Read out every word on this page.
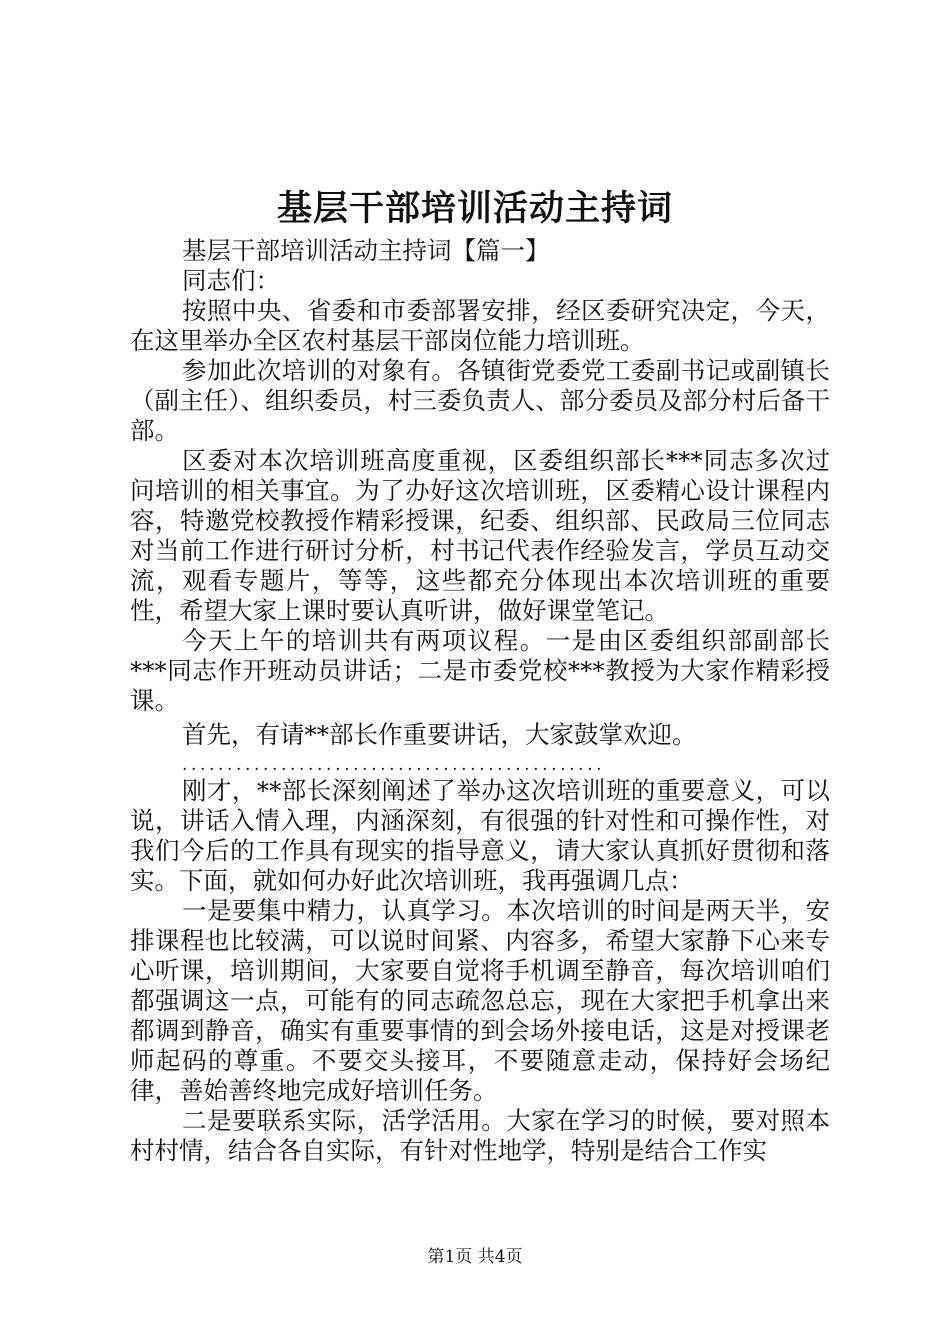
基层干部培训活动主持词

基层干部培训活动主持词【篇一】

同志们：

按照中央、省委和市委部署安排，经区委研究决定，今天，在这里举办全区农村基层干部岗位能力培训班。

参加此次培训的对象有。各镇街党委党工委副书记或副镇长（副主任）、组织委员，村三委负责人、部分委员及部分村后备干部。

区委对本次培训班高度重视，区委组织部长***同志多次过问培训的相关事宜。为了办好这次培训班，区委精心设计课程内容，特邀党校教授作精彩授课，纪委、组织部、民政局三位同志对当前工作进行研讨分析，村书记代表作经验发言，学员互动交流，观看专题片，等等，这些都充分体现出本次培训班的重要性，希望大家上课时要认真听讲，做好课堂笔记。

今天上午的培训共有两项议程。一是由区委组织部副部长***同志作开班动员讲话；二是市委党校***教授为大家作精彩授课。

首先，有请**部长作重要讲话，大家鼓掌欢迎。

...............................................

刚才，**部长深刻阐述了举办这次培训班的重要意义，可以说，讲话入情入理，内涵深刻，有很强的针对性和可操作性，对我们今后的工作具有现实的指导意义，请大家认真抓好贯彻和落实。下面，就如何办好此次培训班，我再强调几点：

一是要集中精力，认真学习。本次培训的时间是两天半，安排课程也比较满，可以说时间紧、内容多，希望大家静下心来专心听课，培训期间，大家要自觉将手机调至静音，每次培训咱们都强调这一点，可能有的同志疏忽总忘，现在大家把手机拿出来都调到静音，确实有重要事情的到会场外接电话，这是对授课老师起码的尊重。不要交头接耳，不要随意走动，保持好会场纪律，善始善终地完成好培训任务。

二是要联系实际，活学活用。大家在学习的时候，要对照本村村情，结合各自实际，有针对性地学，特别是结合工作实

第1页 共4页
